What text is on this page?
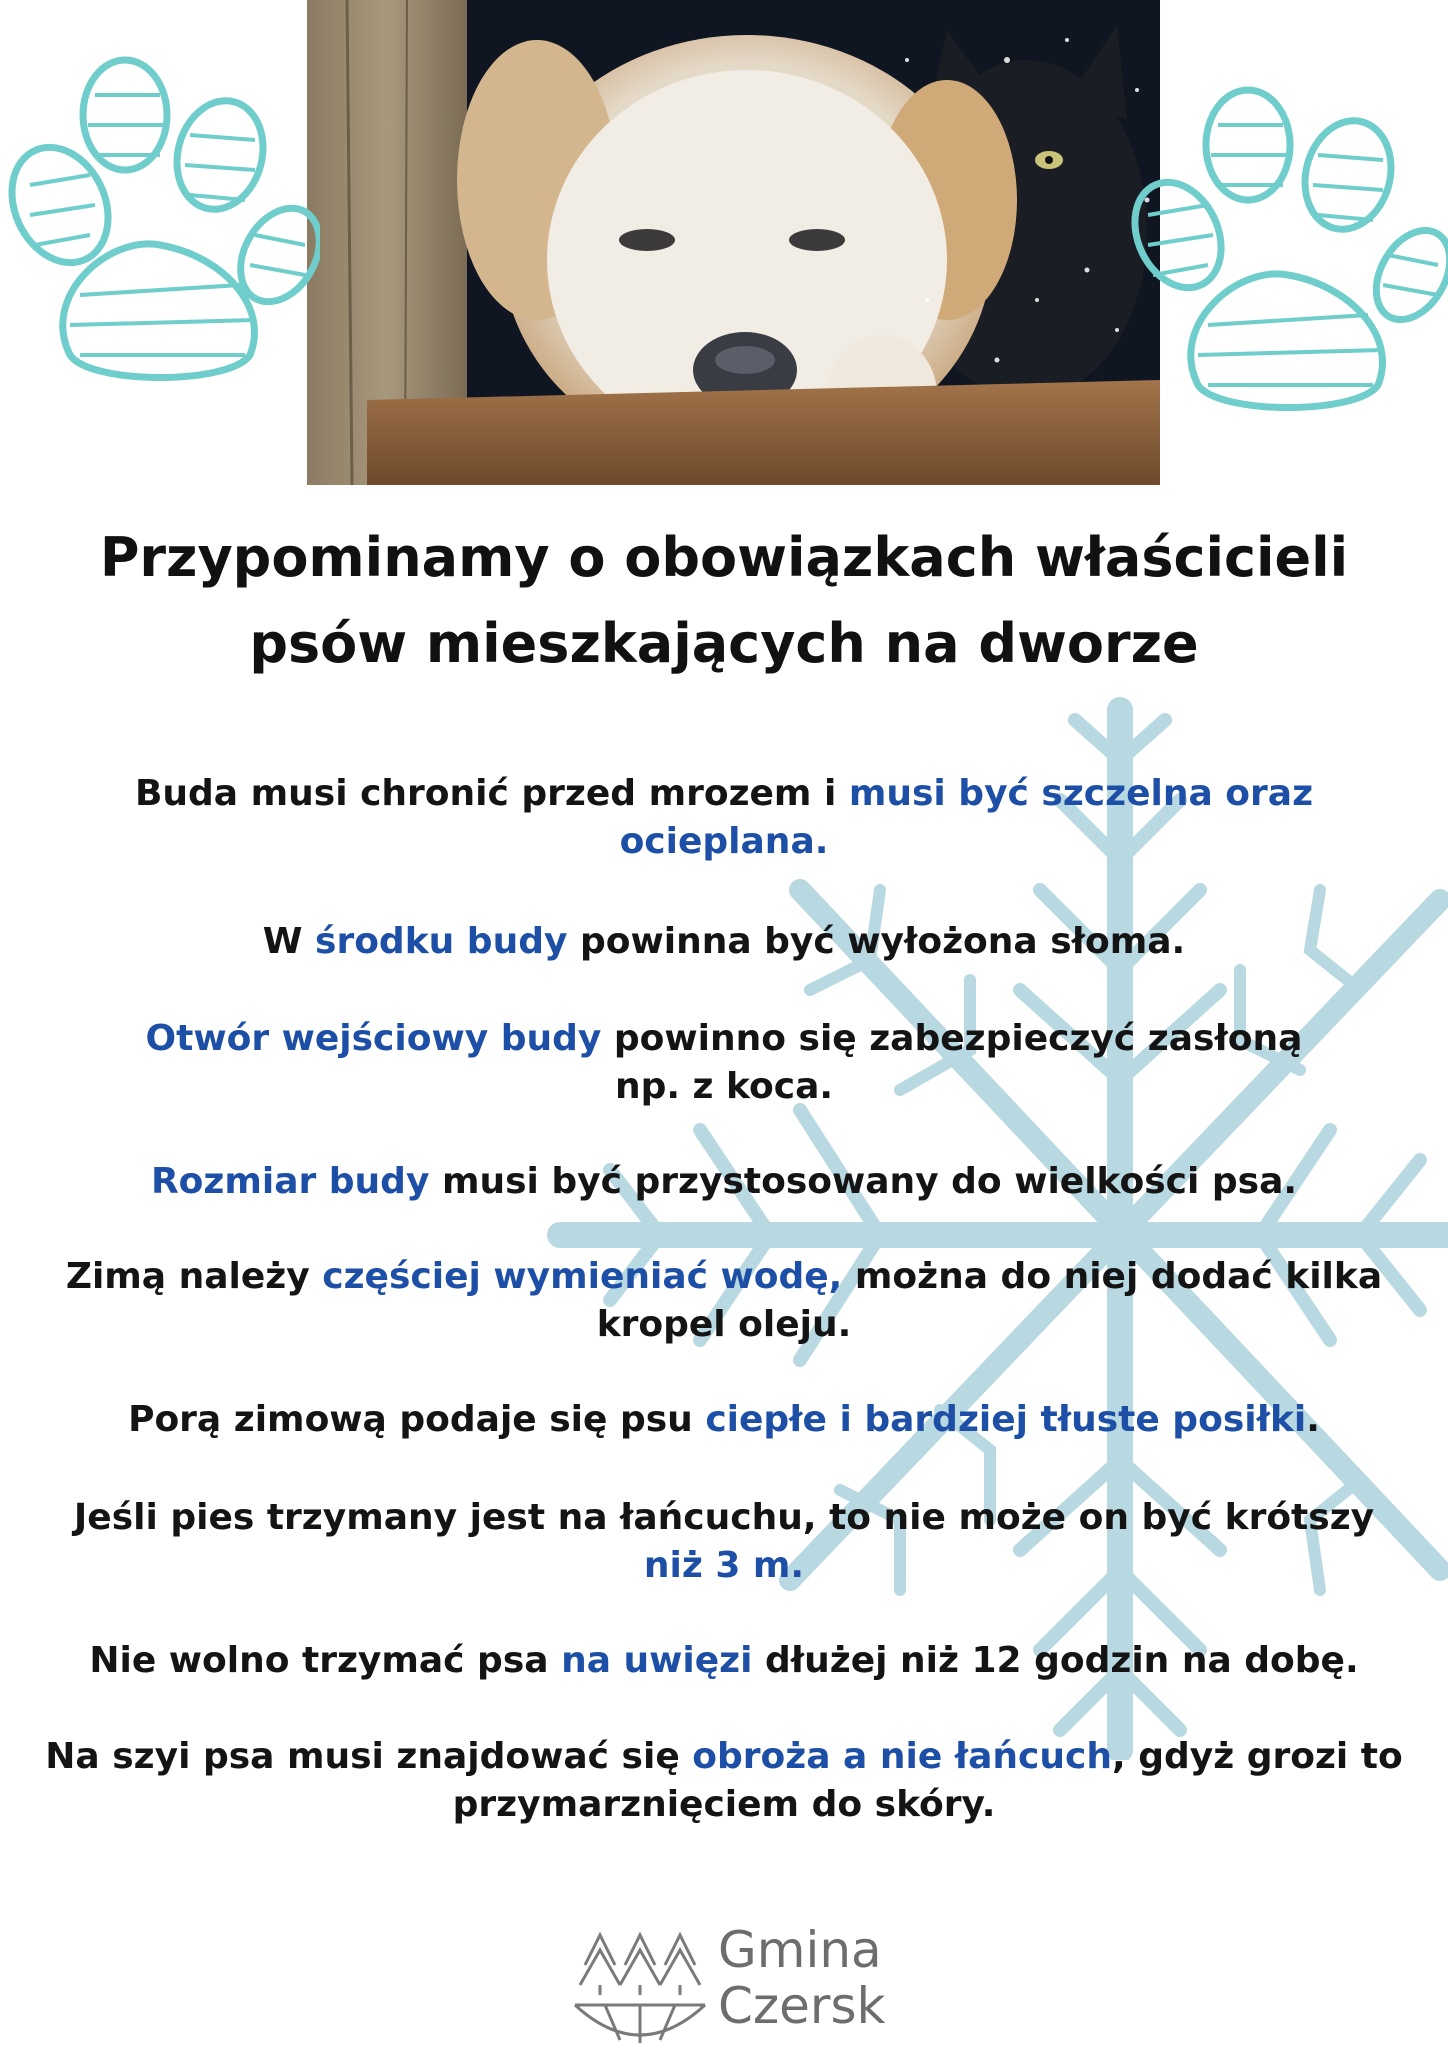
Przypominamy o obowiązkach właścicieli
psów mieszkających na dworze
Buda musi chronić przed mrozem i musi być szczelna oraz
ocieplana.
W środku budy powinna być wyłożona słoma.
Otwór wejściowy budy powinno się zabezpieczyć zasłoną
np. z koca.
Rozmiar budy musi być przystosowany do wielkości psa.
Zimą należy częściej wymieniać wodę, można do niej dodać kilka
kropel oleju.
Porą zimową podaje się psu ciepłe i bardziej tłuste posiłki.
Jeśli pies trzymany jest na łańcuchu, to nie może on być krótszy
niż 3 m.
Nie wolno trzymać psa na uwięzi dłużej niż 12 godzin na dobę.
Na szyi psa musi znajdować się obroża a nie łańcuch, gdyż grozi to
przymarznięciem do skóry.
Gmina
Czersk
